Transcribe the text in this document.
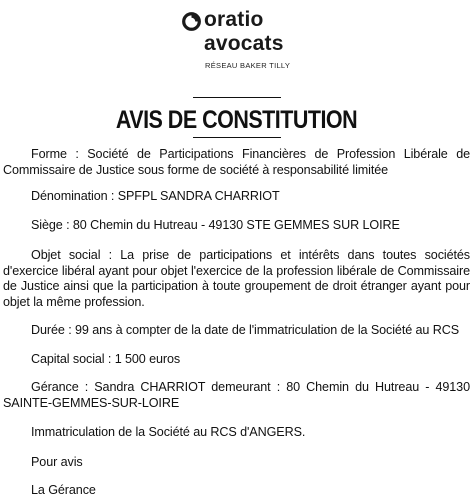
oratio
avocats
RÉSEAU BAKER TILLY
AVIS DE CONSTITUTION

Forme : Société de Participations Financières de Profession Libérale de Commissaire de Justice sous forme de société à responsabilité limitée

Dénomination : SPFPL SANDRA CHARRIOT

Siège : 80 Chemin du Hutreau - 49130 STE GEMMES SUR LOIRE

Objet social : La prise de participations et intérêts dans toutes sociétés d'exercice libéral ayant pour objet l'exercice de la profession libérale de Commissaire de Justice ainsi que la participation à toute groupement de droit étranger ayant pour objet la même profession.

Durée : 99 ans à compter de la date de l'immatriculation de la Société au RCS

Capital social : 1 500 euros

Gérance : Sandra CHARRIOT demeurant : 80 Chemin du Hutreau - 49130 SAINTE-GEMMES-SUR-LOIRE

Immatriculation de la Société au RCS d'ANGERS.

Pour avis

La Gérance
